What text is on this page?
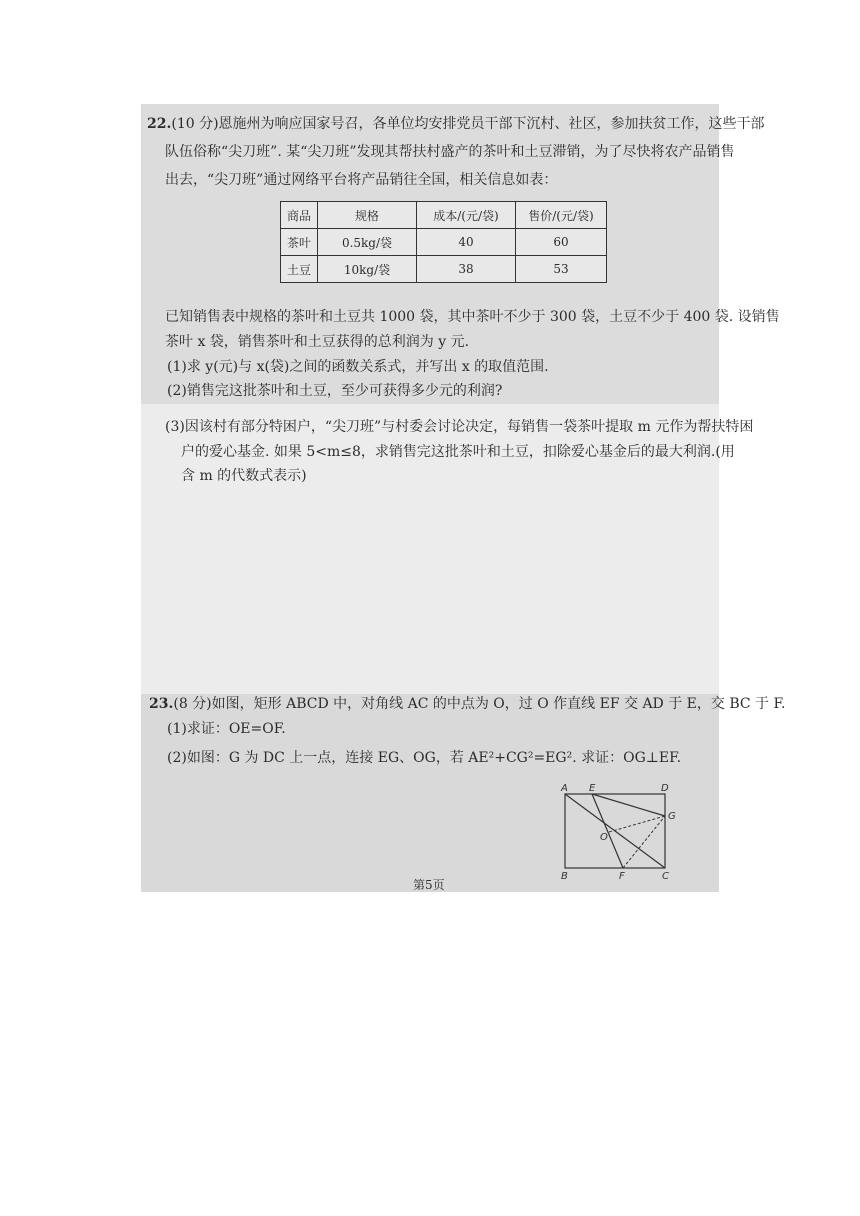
22.(10 分)恩施州为响应国家号召，各单位均安排党员干部下沉村、社区，参加扶贫工作，这些干部
队伍俗称“尖刀班”. 某“尖刀班”发现其帮扶村盛产的茶叶和土豆滞销，为了尽快将农产品销售
出去，“尖刀班”通过网络平台将产品销往全国，相关信息如表：
商品	规格	成本/(元/袋)	售价/(元/袋)
茶叶	0.5kg/袋	40	60
土豆	10kg/袋	38	53
已知销售表中规格的茶叶和土豆共 1000 袋，其中茶叶不少于 300 袋，土豆不少于 400 袋. 设销售
茶叶 x 袋，销售茶叶和土豆获得的总利润为 y 元.
(1)求 y(元)与 x(袋)之间的函数关系式，并写出 x 的取值范围.
(2)销售完这批茶叶和土豆，至少可获得多少元的利润?
(3)因该村有部分特困户，“尖刀班”与村委会讨论决定，每销售一袋茶叶提取 m 元作为帮扶特困
户的爱心基金. 如果 5<m≤8，求销售完这批茶叶和土豆，扣除爱心基金后的最大利润.(用
含 m 的代数式表示)
23.(8 分)如图，矩形 ABCD 中，对角线 AC 的中点为 O，过 O 作直线 EF 交 AD 于 E，交 BC 于 F.
(1)求证：OE=OF.
(2)如图：G 为 DC 上一点，连接 EG、OG，若 AE²+CG²=EG². 求证：OG⊥EF.
A E	D
G
O
B	F	C
第5页
